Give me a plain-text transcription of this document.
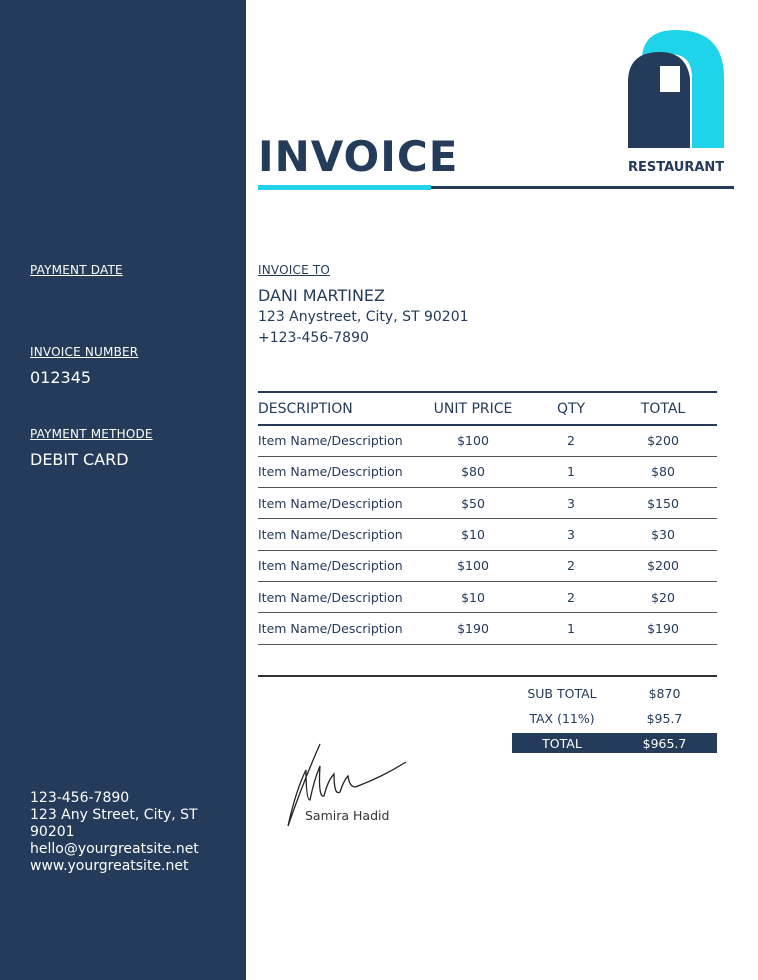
PAYMENT DATE
INVOICE NUMBER
012345
PAYMENT METHODE
DEBIT CARD
123-456-7890
123 Any Street, City, ST 90201
hello@yourgreatsite.net
www.yourgreatsite.net
INVOICE	RESTAURANT
INVOICE TO
DANI MARTINEZ
123 Anystreet, City, ST 90201
+123-456-7890
DESCRIPTION	UNIT PRICE	QTY	TOTAL
Item Name/Description	$100	2	$200
Item Name/Description	$80	1	$80
Item Name/Description	$50	3	$150
Item Name/Description	$10	3	$30
Item Name/Description	$100	2	$200
Item Name/Description	$10	2	$20
Item Name/Description	$190	1	$190
SUB TOTAL	$870
TAX (11%)	$95.7
TOTAL	$965.7
Samira Hadid
